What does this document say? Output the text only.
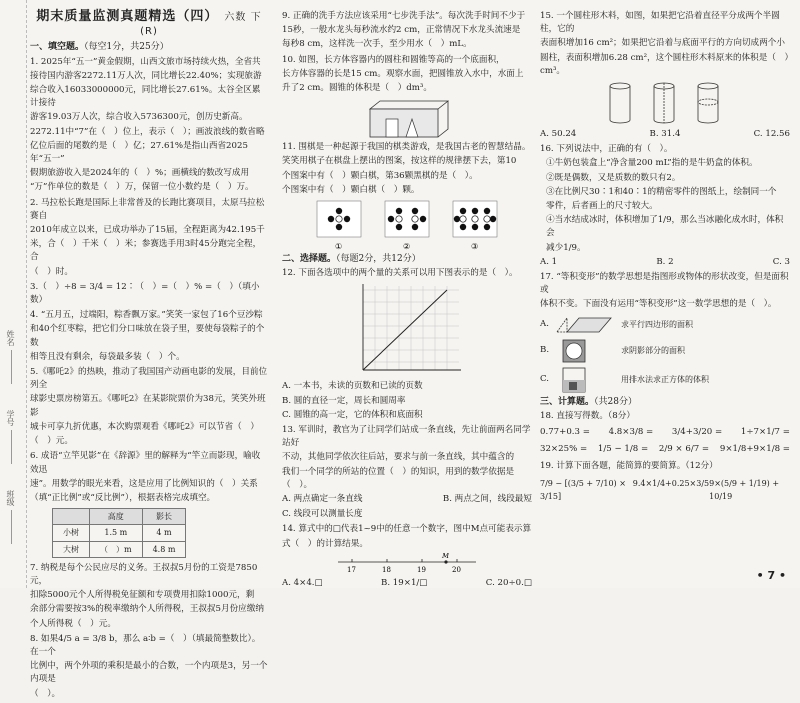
姓名
学号
班级
期末质量监测真题精选（四） 六数 下(R)
一、填空题。（每空1分，共25分）

1. 2025年“五一”黄金假期，山西文旅市场持续火热，全省共

接待国内游客2272.11万人次，同比增长22.40%；实现旅游

综合收入16033000000元，同比增长27.61%。太谷全区累计接待

游客19.03万人次，综合收入5736300元，创历史新高。

2272.11中“7”在（　）位上，表示（　）；画波浪线的数省略

亿位后面的尾数约是（　）亿；27.61%是指山西省2025年“五一”

假期旅游收入是2024年的（　）%；画横线的数改写成用

“万”作单位的数是（　）万，保留一位小数约是（　）万。

2. 马拉松长跑是国际上非常普及的长跑比赛项目，太原马拉松赛自

2010年成立以来，已成功举办了15届，全程距离为42.195千

米，合（　）千米（　）米；参赛选手用3时45分跑完全程，合

（　）时。

3.（　）÷8 = 3/4 = 12∶（　）=（　）% =（　）（填小数）

4. “五月五，过端阳，粽香飘万家。”笑笑一家包了16个豆沙粽

和40个红枣粽，把它们分口味放在袋子里，要使每袋粽子的个数

相等且没有剩余，每袋最多装（　）个。

5.《哪吒2》的热映，推动了我国国产动画电影的发展，目前位列全

球影史票房榜第五。《哪吒2》在某影院票价为38元，笑笑外班影

城卡可享九折优惠，本次购票观看《哪吒2》可以节省（　）

（　）元。

6. 成语“立竿见影”在《辞源》里的解释为“竿立而影现，喻收效迅

速”。用数学的眼光来看，这是应用了比例知识的（　）关系

（填“正比例”或“反比例”），根据表格完成填空。

	高度	影长
小树	1.5 m	4 m
大树	（　）m	4.8 m

7. 纳税是每个公民应尽的义务。王叔叔5月份的工资是7850元，

扣除5000元个人所得税免征额和专项费用扣除1000元，剩

余部分需要按3%的税率缴纳个人所得税，王叔叔5月份应缴纳

个人所得税（　）元。

8. 如果4/5 a = 3/8 b，那么 a∶b =（　）（填最简整数比）。在一个

比例中，两个外项的乘积是最小的合数，一个内项是3，另一个内项是

（　）。

9. 正确的洗手方法应该采用“七步洗手法”。每次洗手时间不少于

15秒，一般水龙头每秒流水约2 cm，正常情况下水龙头流速是

每秒8 cm，这样洗一次手，至少用水（　）mL。

10. 如图，长方体容器内的圆柱和圆锥等高的一个底面积，

长方体容器的长是15 cm。观察水面，把圆锥放入水中，水面上

升了2 cm。圆锥的体积是（　）dm³。

11. 围棋是一种起源于我国的棋类游戏，是我国古老的智慧结晶。

笑笑用棋子在棋盘上摆出的图案，按这样的规律摆下去，第10

个图案中有（　）颗白棋，第36颗黑棋的是（　）。

个图案中有（　）颗白棋（　）颗。

①	②	③
二、选择题。（每题2分，共12分）

12. 下面各选项中的两个量的关系可以用下图表示的是（　）。

A. 一本书，未读的页数和已读的页数

B. 圆的直径一定，周长和圆周率

C. 圆锥的高一定，它的体积和底面积

13. 军训时，教官为了让同学们站成一条直线，先让前面两名同学站好

不动，其他同学依次往后站，要求与前一条直线，其中蕴含的

我们一个同学的所站的位置（　）的知识，用到的数学依据是（　）。

A. 两点确定一条直线	B. 两点之间，线段最短

C. 线段可以测量长度

14. 算式中的□代表1~9中的任意一个数字，图中M点可能表示算

式（　）的计算结果。

M
17	18	19	20
A. 4×4.□	B. 19×1/□	C. 20÷0.□

15. 一个圆柱形木料，如图，如果把它沿着直径平分成两个半圆柱，它的

表面积增加16 cm²；如果把它沿着与底面平行的方向切成两个小

圆柱，表面积增加6.28 cm²，这个圆柱形木料原来的体积是（　）cm³。

A. 50.24	B. 31.4	C. 12.56

16. 下列说法中，正确的有（　）。

①牛奶包装盒上“净含量200 mL”指的是牛奶盒的体积。

②既是偶数，又是质数的数只有2。

③在比例尺30∶1和40∶1的精密零件的图纸上，绘制同一个

零件，后者画上的尺寸较大。

④当水结成冰时，体积增加了1/9，那么当冰融化成水时，体积会

减少1/9。

A. 1	B. 2	C. 3

17. “等积变形”的数学思想是指图形或物体的形状改变，但是面积或

体积不变。下面没有运用“等积变形”这一数学思想的是（　）。

A.	求平行四边形的面积
B.	求阴影部分的面积
C.	用排水法求正方体的体积
三、计算题。（共28分）

18. 直接写得数。（8分）

0.77+0.3 = 4.8×3/8 = 3/4+3/20 = 1÷7×1/7 =
32×25% = 1/5 − 1/8 = 2/9 × 6/7 = 9×1/8+9×1/8 =

19. 计算下面各题，能简算的要简算。（12分）

7/9 − [(3/5 + 7/10) × 3/15]
9.4×1/4+0.25×3/5 9×(5/9 + 1/19) + 10/19
• 7 •
